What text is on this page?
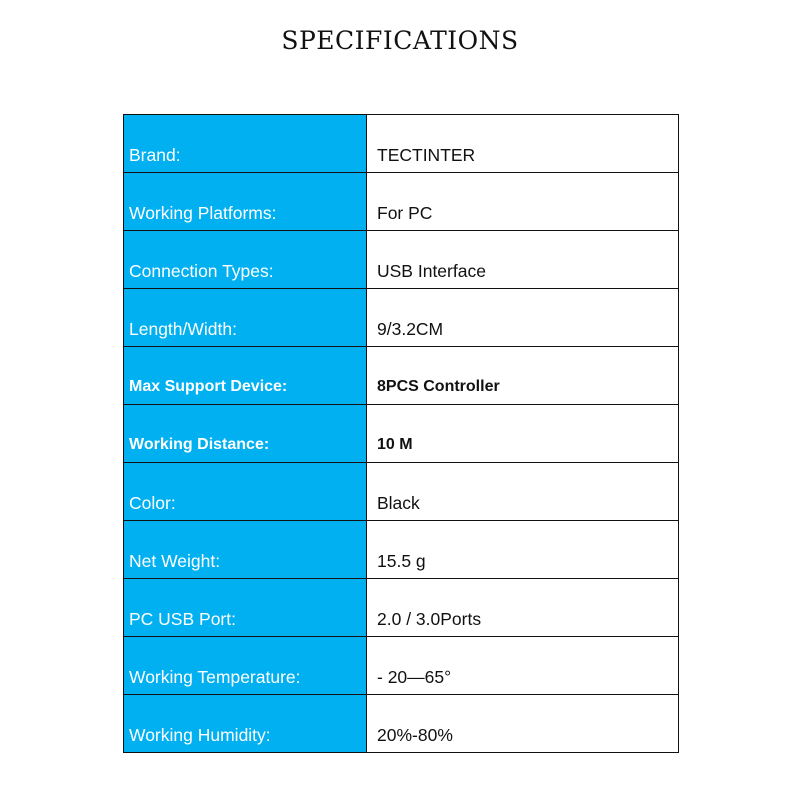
SPECIFICATIONS
Brand:	TECTINTER
Working Platforms:	For PC
Connection Types:	USB Interface
Length/Width:	9/3.2CM
Max Support Device:	8PCS Controller
Working Distance:	10 M
Color:	Black
Net Weight:	15.5 g
PC USB Port:	2.0 / 3.0Ports
Working Temperature:	- 20—65°
Working Humidity:	20%-80%
